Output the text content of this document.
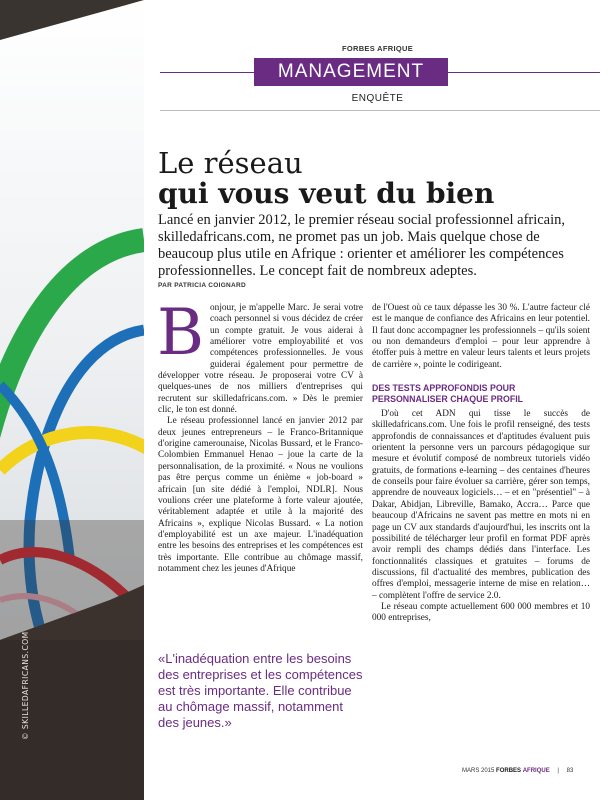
© SKILLEDAFRICANS.COM
FORBES AFRIQUE
MANAGEMENT
ENQUÊTE
Le réseau
qui vous veut du bien
Lancé en janvier 2012, le premier réseau social professionnel africain, skilledafricans.com, ne promet pas un job. Mais quelque chose de beaucoup plus utile en Afrique : orienter et améliorer les compétences professionnelles. Le concept fait de nombreux adeptes.
PAR PATRICIA COIGNARD

Bonjour, je m'appelle Marc. Je serai votre coach personnel si vous décidez de créer un compte gratuit. Je vous aiderai à améliorer votre employabilité et vos compétences professionnelles. Je vous guiderai également pour permettre de développer votre réseau. Je proposerai votre CV à quelques-unes de nos milliers d'entreprises qui recrutent sur skilledafricans.com. » Dès le premier clic, le ton est donné.

Le réseau professionnel lancé en janvier 2012 par deux jeunes entrepreneurs – le Franco-Britannique d'origine camerounaise, Nicolas Bussard, et le Franco-Colombien Emmanuel Henao – joue la carte de la personnalisation, de la proximité. « Nous ne voulions pas être perçus comme un énième « job-board » africain [un site dédié à l'emploi, NDLR]. Nous voulions créer une plateforme à forte valeur ajoutée, véritablement adaptée et utile à la majorité des Africains », explique Nicolas Bussard. « La notion d'employabilité est un axe majeur. L'inadéquation entre les besoins des entreprises et les compétences est très importante. Elle contribue au chômage massif, notamment chez les jeunes d'Afrique

«L'inadéquation entre les besoins des entreprises et les compétences est très importante. Elle contribue au chômage massif, notamment des jeunes.»

de l'Ouest où ce taux dépasse les 30 %. L'autre facteur clé est le manque de confiance des Africains en leur potentiel. Il faut donc accompagner les professionnels – qu'ils soient ou non demandeurs d'emploi – pour leur apprendre à étoffer puis à mettre en valeur leurs talents et leurs projets de carrière », pointe le codirigeant.

DES TESTS APPROFONDIS POUR PERSONNALISER CHAQUE PROFIL

D'où cet ADN qui tisse le succès de skilledafricans.com. Une fois le profil renseigné, des tests approfondis de connaissances et d'aptitudes évaluent puis orientent la personne vers un parcours pédagogique sur mesure et évolutif composé de nombreux tutoriels vidéo gratuits, de formations e-learning – des centaines d'heures de conseils pour faire évoluer sa carrière, gérer son temps, apprendre de nouveaux logiciels… – et en "présentiel" – à Dakar, Abidjan, Libreville, Bamako, Accra… Parce que beaucoup d'Africains ne savent pas mettre en mots ni en page un CV aux standards d'aujourd'hui, les inscrits ont la possibilité de télécharger leur profil en format PDF après avoir rempli des champs dédiés dans l'interface. Les fonctionnalités classiques et gratuites – forums de discussions, fil d'actualité des membres, publication des offres d'emploi, messagerie interne de mise en relation… – complètent l'offre de service 2.0.

Le réseau compte actuellement 600 000 membres et 10 000 entreprises,

MARS 2015 FORBES AFRIQUE | 83
